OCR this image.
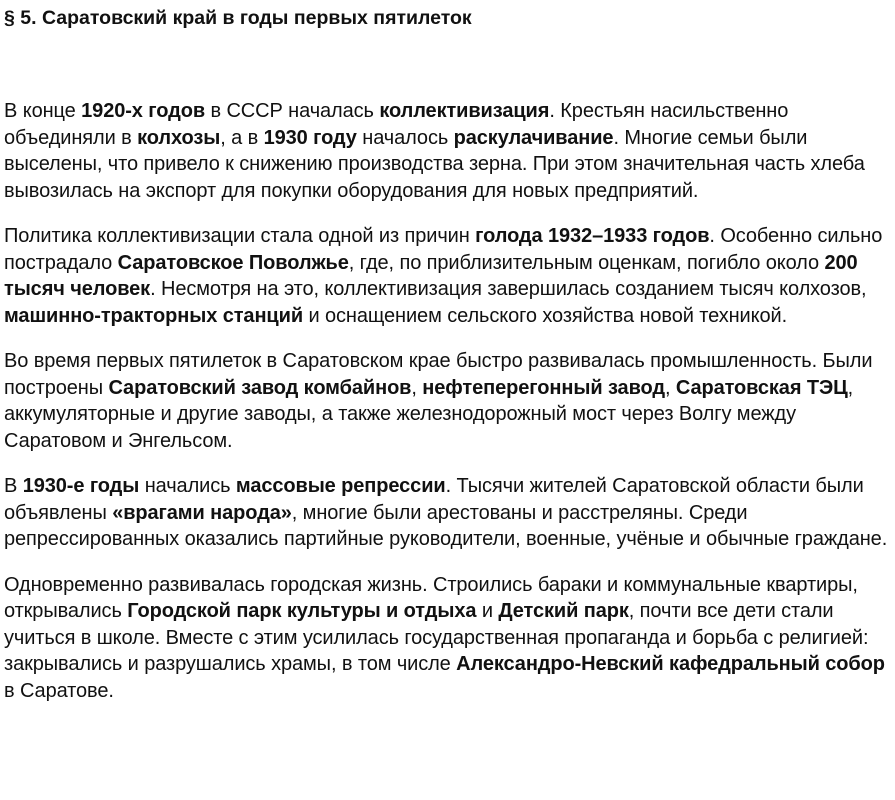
§ 5. Саратовский край в годы первых пятилеток

В конце 1920-х годов в СССР началась коллективизация. Крестьян насильственно объединяли в колхозы, а в 1930 году началось раскулачивание. Многие семьи были выселены, что привело к снижению производства зерна. При этом значительная часть хлеба вывозилась на экспорт для покупки оборудования для новых предприятий.

Политика коллективизации стала одной из причин голода 1932–1933 годов. Особенно сильно пострадало Саратовское Поволжье, где, по приблизительным оценкам, погибло около 200 тысяч человек. Несмотря на это, коллективизация завершилась созданием тысяч колхозов, машинно-тракторных станций и оснащением сельского хозяйства новой техникой.

Во время первых пятилеток в Саратовском крае быстро развивалась промышленность. Были построены Саратовский завод комбайнов, нефтеперегонный завод, Саратовская ТЭЦ, аккумуляторные и другие заводы, а также железнодорожный мост через Волгу между Саратовом и Энгельсом.

В 1930-е годы начались массовые репрессии. Тысячи жителей Саратовской области были объявлены «врагами народа», многие были арестованы и расстреляны. Среди репрессированных оказались партийные руководители, военные, учёные и обычные граждане.

Одновременно развивалась городская жизнь. Строились бараки и коммунальные квартиры, открывались Городской парк культуры и отдыха и Детский парк, почти все дети стали учиться в школе. Вместе с этим усилилась государственная пропаганда и борьба с религией: закрывались и разрушались храмы, в том числе Александро-Невский кафедральный собор в Саратове.
